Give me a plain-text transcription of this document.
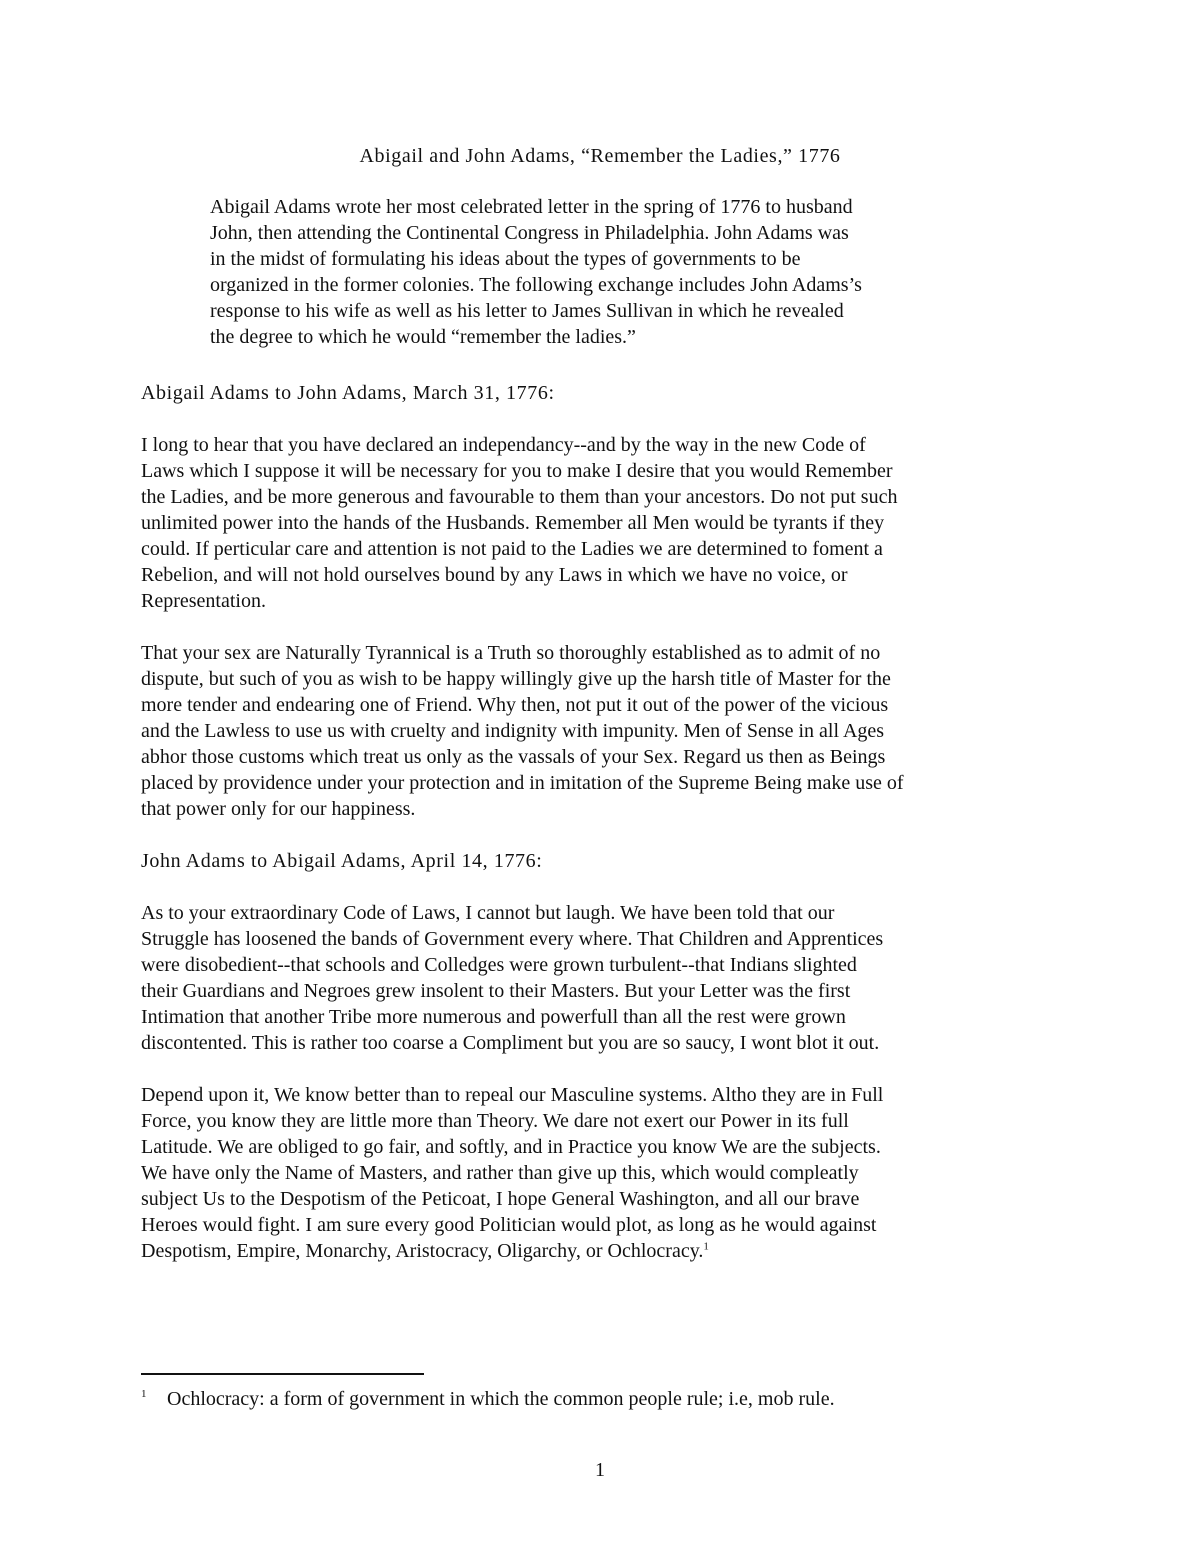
Abigail and John Adams, “Remember the Ladies,” 1776

Abigail Adams wrote her most celebrated letter in the spring of 1776 to husband
John, then attending the Continental Congress in Philadelphia. John Adams was
in the midst of formulating his ideas about the types of governments to be
organized in the former colonies. The following exchange includes John Adams’s
response to his wife as well as his letter to James Sullivan in which he revealed
the degree to which he would “remember the ladies.”

Abigail Adams to John Adams, March 31, 1776:

I long to hear that you have declared an independancy--and by the way in the new Code of
Laws which I suppose it will be necessary for you to make I desire that you would Remember
the Ladies, and be more generous and favourable to them than your ancestors. Do not put such
unlimited power into the hands of the Husbands. Remember all Men would be tyrants if they
could. If perticular care and attention is not paid to the Ladies we are determined to foment a
Rebelion, and will not hold ourselves bound by any Laws in which we have no voice, or
Representation.

That your sex are Naturally Tyrannical is a Truth so thoroughly established as to admit of no
dispute, but such of you as wish to be happy willingly give up the harsh title of Master for the
more tender and endearing one of Friend. Why then, not put it out of the power of the vicious
and the Lawless to use us with cruelty and indignity with impunity. Men of Sense in all Ages
abhor those customs which treat us only as the vassals of your Sex. Regard us then as Beings
placed by providence under your protection and in imitation of the Supreme Being make use of
that power only for our happiness.

John Adams to Abigail Adams, April 14, 1776:

As to your extraordinary Code of Laws, I cannot but laugh. We have been told that our
Struggle has loosened the bands of Government every where. That Children and Apprentices
were disobedient--that schools and Colledges were grown turbulent--that Indians slighted
their Guardians and Negroes grew insolent to their Masters. But your Letter was the first
Intimation that another Tribe more numerous and powerfull than all the rest were grown
discontented. This is rather too coarse a Compliment but you are so saucy, I wont blot it out.

Depend upon it, We know better than to repeal our Masculine systems. Altho they are in Full
Force, you know they are little more than Theory. We dare not exert our Power in its full
Latitude. We are obliged to go fair, and softly, and in Practice you know We are the subjects.
We have only the Name of Masters, and rather than give up this, which would compleatly
subject Us to the Despotism of the Peticoat, I hope General Washington, and all our brave
Heroes would fight. I am sure every good Politician would plot, as long as he would against
Despotism, Empire, Monarchy, Aristocracy, Oligarchy, or Ochlocracy.$^1$

1 Ochlocracy: a form of government in which the common people rule; i.e, mob rule.

1
